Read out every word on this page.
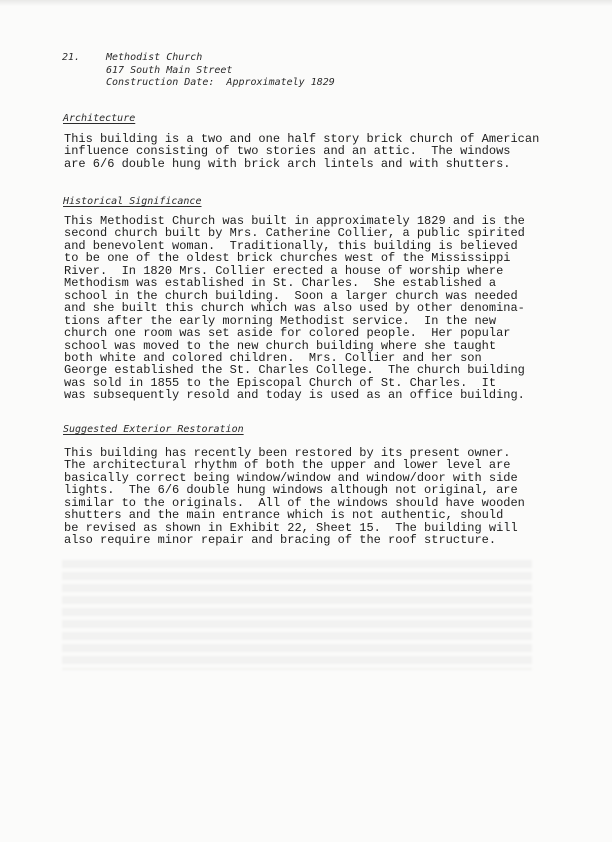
21.	Methodist Church
617 South Main Street
Construction Date: Approximately 1829
Architecture
This building is a two and one half story brick church of American
influence consisting of two stories and an attic.  The windows
are 6/6 double hung with brick arch lintels and with shutters.
Historical Significance
This Methodist Church was built in approximately 1829 and is the
second church built by Mrs. Catherine Collier, a public spirited
and benevolent woman.  Traditionally, this building is believed
to be one of the oldest brick churches west of the Mississippi
River.  In 1820 Mrs. Collier erected a house of worship where
Methodism was established in St. Charles.  She established a
school in the church building.  Soon a larger church was needed
and she built this church which was also used by other denomina-
tions after the early morning Methodist service.  In the new
church one room was set aside for colored people.  Her popular
school was moved to the new church building where she taught
both white and colored children.  Mrs. Collier and her son
George established the St. Charles College.  The church building
was sold in 1855 to the Episcopal Church of St. Charles.  It
was subsequently resold and today is used as an office building.
Suggested Exterior Restoration
This building has recently been restored by its present owner.
The architectural rhythm of both the upper and lower level are
basically correct being window/window and window/door with side
lights.  The 6/6 double hung windows although not original, are
similar to the originals.  All of the windows should have wooden
shutters and the main entrance which is not authentic, should
be revised as shown in Exhibit 22, Sheet 15.  The building will
also require minor repair and bracing of the roof structure.
